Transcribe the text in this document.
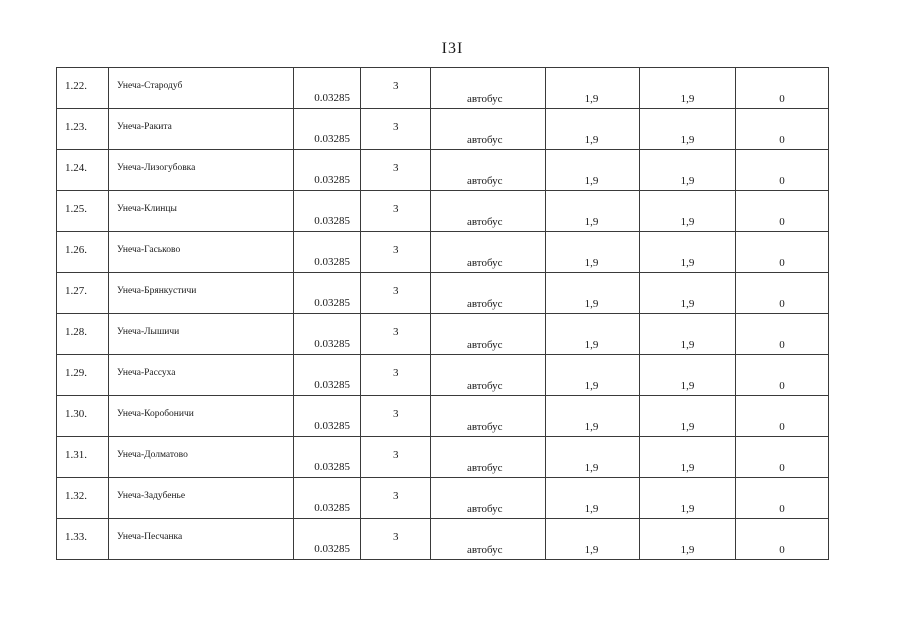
I3I
1.22.	Унеча-Стародуб	0.03285	3	автобус	1,9	1,9	0

1.23.	Унеча-Ракита	0.03285	3	автобус	1,9	1,9	0

1.24.	Унеча-Лизогубовка	0.03285	3	автобус	1,9	1,9	0

1.25.	Унеча-Клинцы	0.03285	3	автобус	1,9	1,9	0

1.26.	Унеча-Гаськово	0.03285	3	автобус	1,9	1,9	0

1.27.	Унеча-Брянкустичи	0.03285	3	автобус	1,9	1,9	0

1.28.	Унеча-Лышичи	0.03285	3	автобус	1,9	1,9	0

1.29.	Унеча-Рассуха	0.03285	3	автобус	1,9	1,9	0

1.30.	Унеча-Коробоничи	0.03285	3	автобус	1,9	1,9	0

1.31.	Унеча-Долматово	0.03285	3	автобус	1,9	1,9	0

1.32.	Унеча-Задубенье	0.03285	3	автобус	1,9	1,9	0

1.33.	Унеча-Песчанка	0.03285	3	автобус	1,9	1,9	0
